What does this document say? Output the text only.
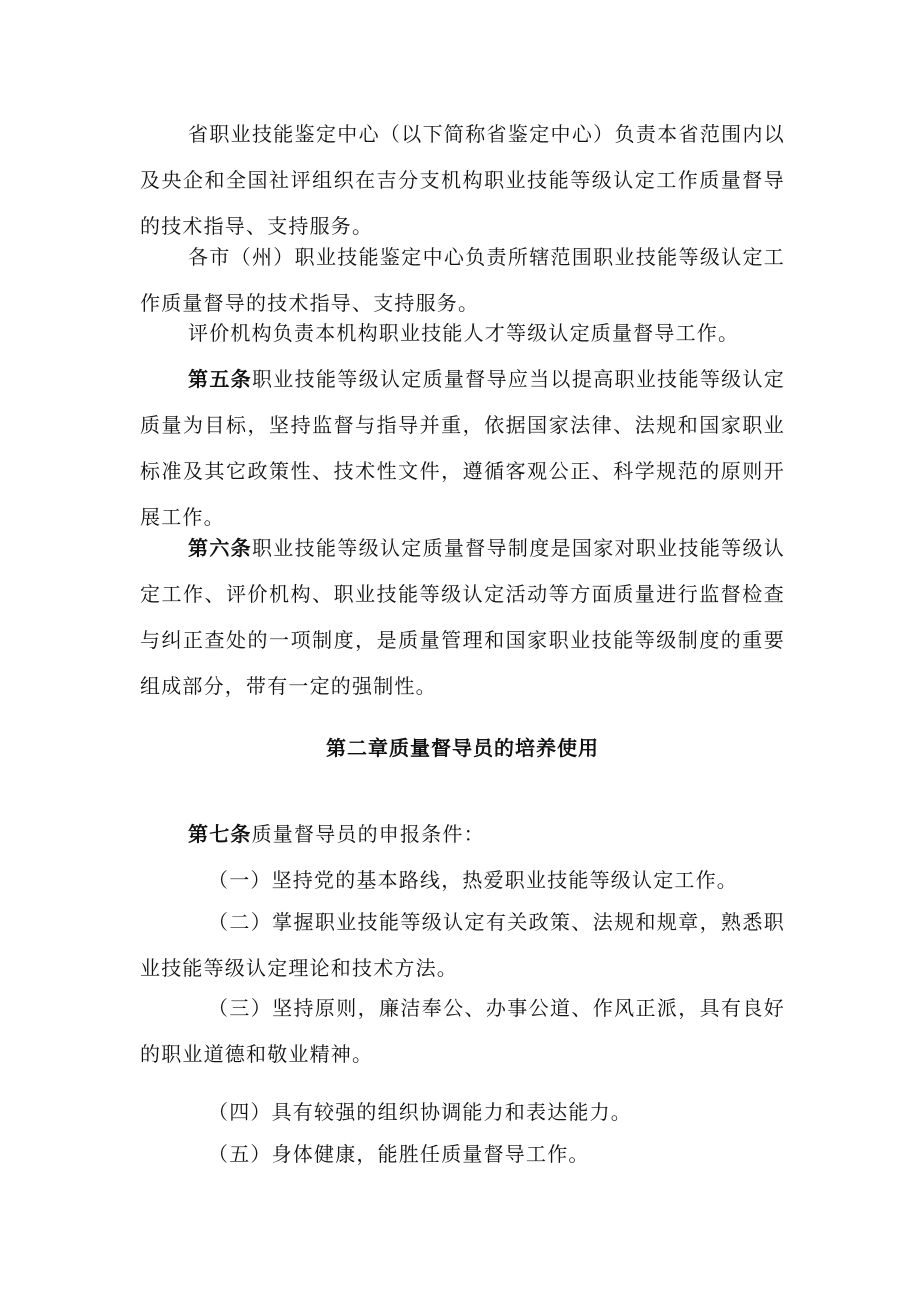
省职业技能鉴定中心（以下简称省鉴定中心）负责本省范围内以及央企和全国社评组织在吉分支机构职业技能等级认定工作质量督导的技术指导、支持服务。

各市（州）职业技能鉴定中心负责所辖范围职业技能等级认定工作质量督导的技术指导、支持服务。

评价机构负责本机构职业技能人才等级认定质量督导工作。

第五条职业技能等级认定质量督导应当以提高职业技能等级认定质量为目标，坚持监督与指导并重，依据国家法律、法规和国家职业标准及其它政策性、技术性文件，遵循客观公正、科学规范的原则开展工作。

第六条职业技能等级认定质量督导制度是国家对职业技能等级认定工作、评价机构、职业技能等级认定活动等方面质量进行监督检查与纠正查处的一项制度，是质量管理和国家职业技能等级制度的重要组成部分，带有一定的强制性。

第二章质量督导员的培养使用

第七条质量督导员的申报条件：

（一）坚持党的基本路线，热爱职业技能等级认定工作。

（二）掌握职业技能等级认定有关政策、法规和规章，熟悉职业技能等级认定理论和技术方法。

（三）坚持原则，廉洁奉公、办事公道、作风正派，具有良好的职业道德和敬业精神。

（四）具有较强的组织协调能力和表达能力。

（五）身体健康，能胜任质量督导工作。
